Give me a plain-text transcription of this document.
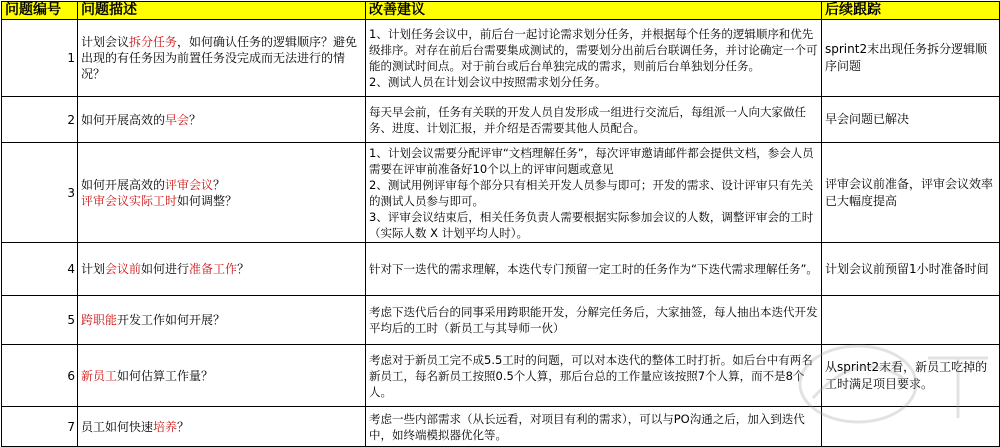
问题编号	问题描述	改善建议	后续跟踪
1	计划会议拆分任务，如何确认任务的逻辑顺序？避免出现的有任务因为前置任务没完成而无法进行的情况？	1、计划任务会议中，前后台一起讨论需求划分任务，并根据每个任务的逻辑顺序和优先级排序。对存在前后台需要集成测试的，需要划分出前后台联调任务，并讨论确定一个可能的测试时间点。对于前台或后台单独完成的需求，则前后台单独划分任务。
2、测试人员在计划会议中按照需求划分任务。	sprint2末出现任务拆分逻辑顺序问题
2	如何开展高效的早会？	每天早会前，任务有关联的开发人员自发形成一组进行交流后，每组派一人向大家做任务、进度、计划汇报，并介绍是否需要其他人员配合。	早会问题已解决
3	如何开展高效的评审会议？
评审会议实际工时如何调整？	1、计划会议需要分配评审“文档理解任务”，每次评审邀请邮件都会提供文档，参会人员需要在评审前准备好10个以上的评审问题或意见
2、测试用例评审每个部分只有相关开发人员参与即可；开发的需求、设计评审只有先关的测试人员参与即可。
3、评审会议结束后，相关任务负责人需要根据实际参加会议的人数，调整评审会的工时（实际人数 X 计划平均人时）。	评审会议前准备，评审会议效率已大幅度提高
4	计划会议前如何进行准备工作？	针对下一迭代的需求理解，本迭代专门预留一定工时的任务作为“下迭代需求理解任务”。	计划会议前预留1小时准备时间
5	跨职能开发工作如何开展？	考虑下迭代后台的同事采用跨职能开发，分解完任务后，大家抽签，每人抽出本迭代开发平均后的工时（新员工与其导师一伙）	

6	新员工如何估算工作量？	考虑对于新员工完不成5.5工时的问题，可以对本迭代的整体工时打折。如后台中有两名新员工，每名新员工按照0.5个人算，那后台总的工作量应该按照7个人算，而不是8个人。	从sprint2末看，新员工吃掉的工时满足项目要求。
7	员工如何快速培养？	考虑一些内部需求（从长远看，对项目有利的需求），可以与PO沟通之后，加入到迭代中，如终端模拟器优化等。	
